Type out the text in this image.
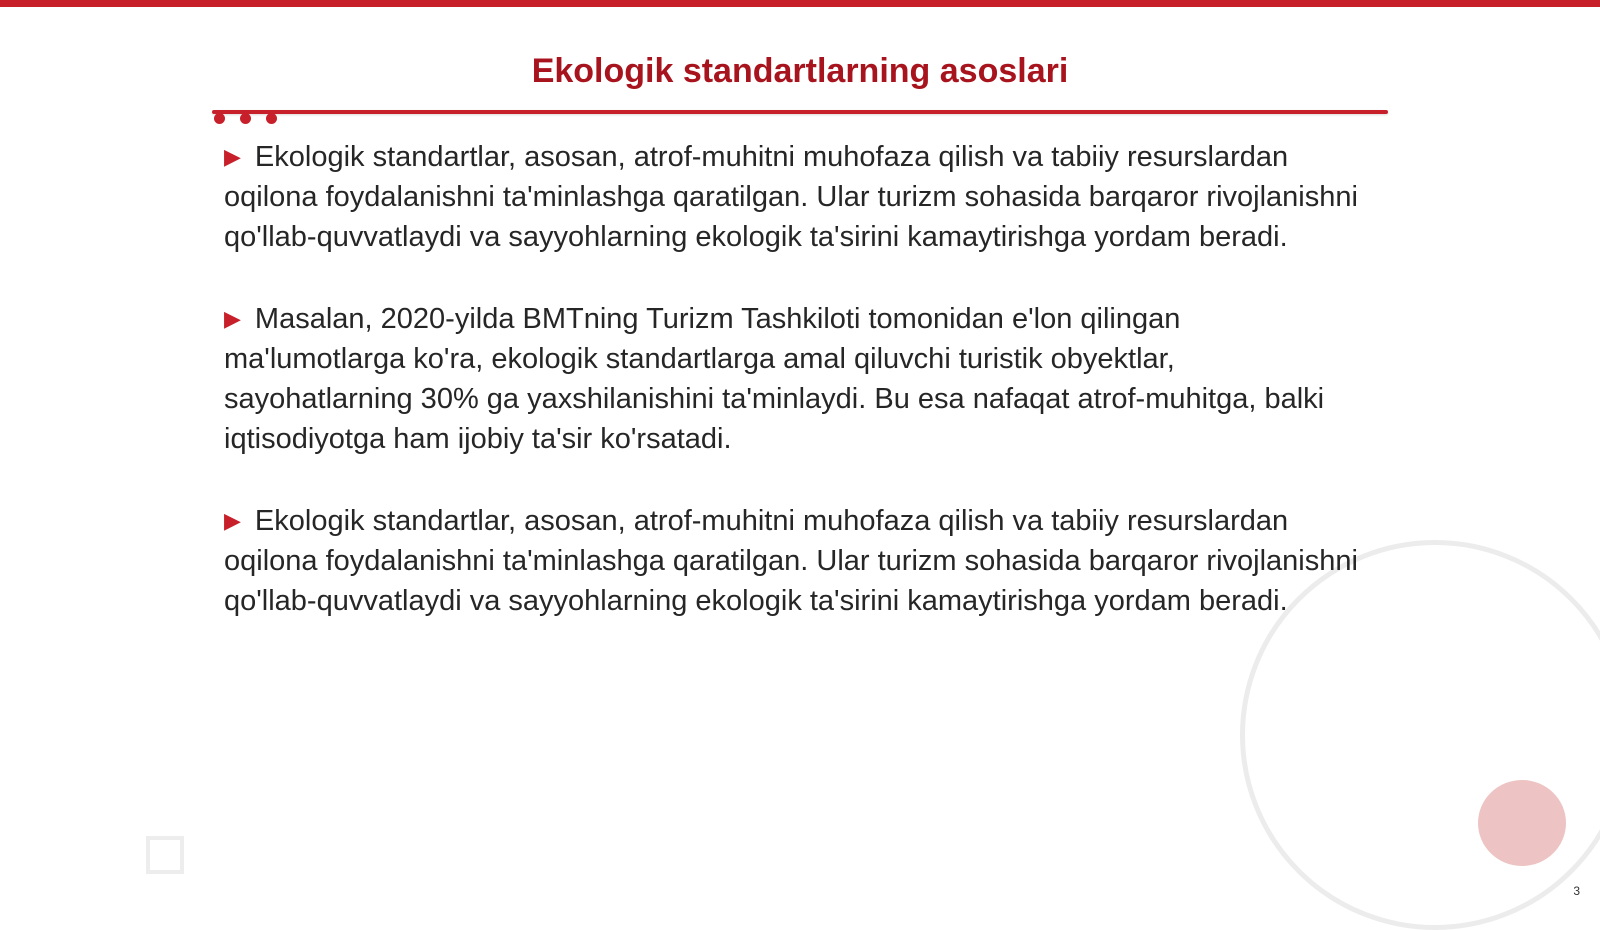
Ekologik standartlarning asoslari

▶ Ekologik standartlar, asosan, atrof-muhitni muhofaza qilish va tabiiy resurslardan oqilona foydalanishni ta'minlashga qaratilgan. Ular turizm sohasida barqaror rivojlanishni qo'llab-quvvatlaydi va sayyohlarning ekologik ta'sirini kamaytirishga yordam beradi.

▶ Masalan, 2020-yilda BMTning Turizm Tashkiloti tomonidan e'lon qilingan ma'lumotlarga ko'ra, ekologik standartlarga amal qiluvchi turistik obyektlar, sayohatlarning 30% ga yaxshilanishini ta'minlaydi. Bu esa nafaqat atrof-muhitga, balki iqtisodiyotga ham ijobiy ta'sir ko'rsatadi.

▶ Ekologik standartlar, asosan, atrof-muhitni muhofaza qilish va tabiiy resurslardan oqilona foydalanishni ta'minlashga qaratilgan. Ular turizm sohasida barqaror rivojlanishni qo'llab-quvvatlaydi va sayyohlarning ekologik ta'sirini kamaytirishga yordam beradi.

3
